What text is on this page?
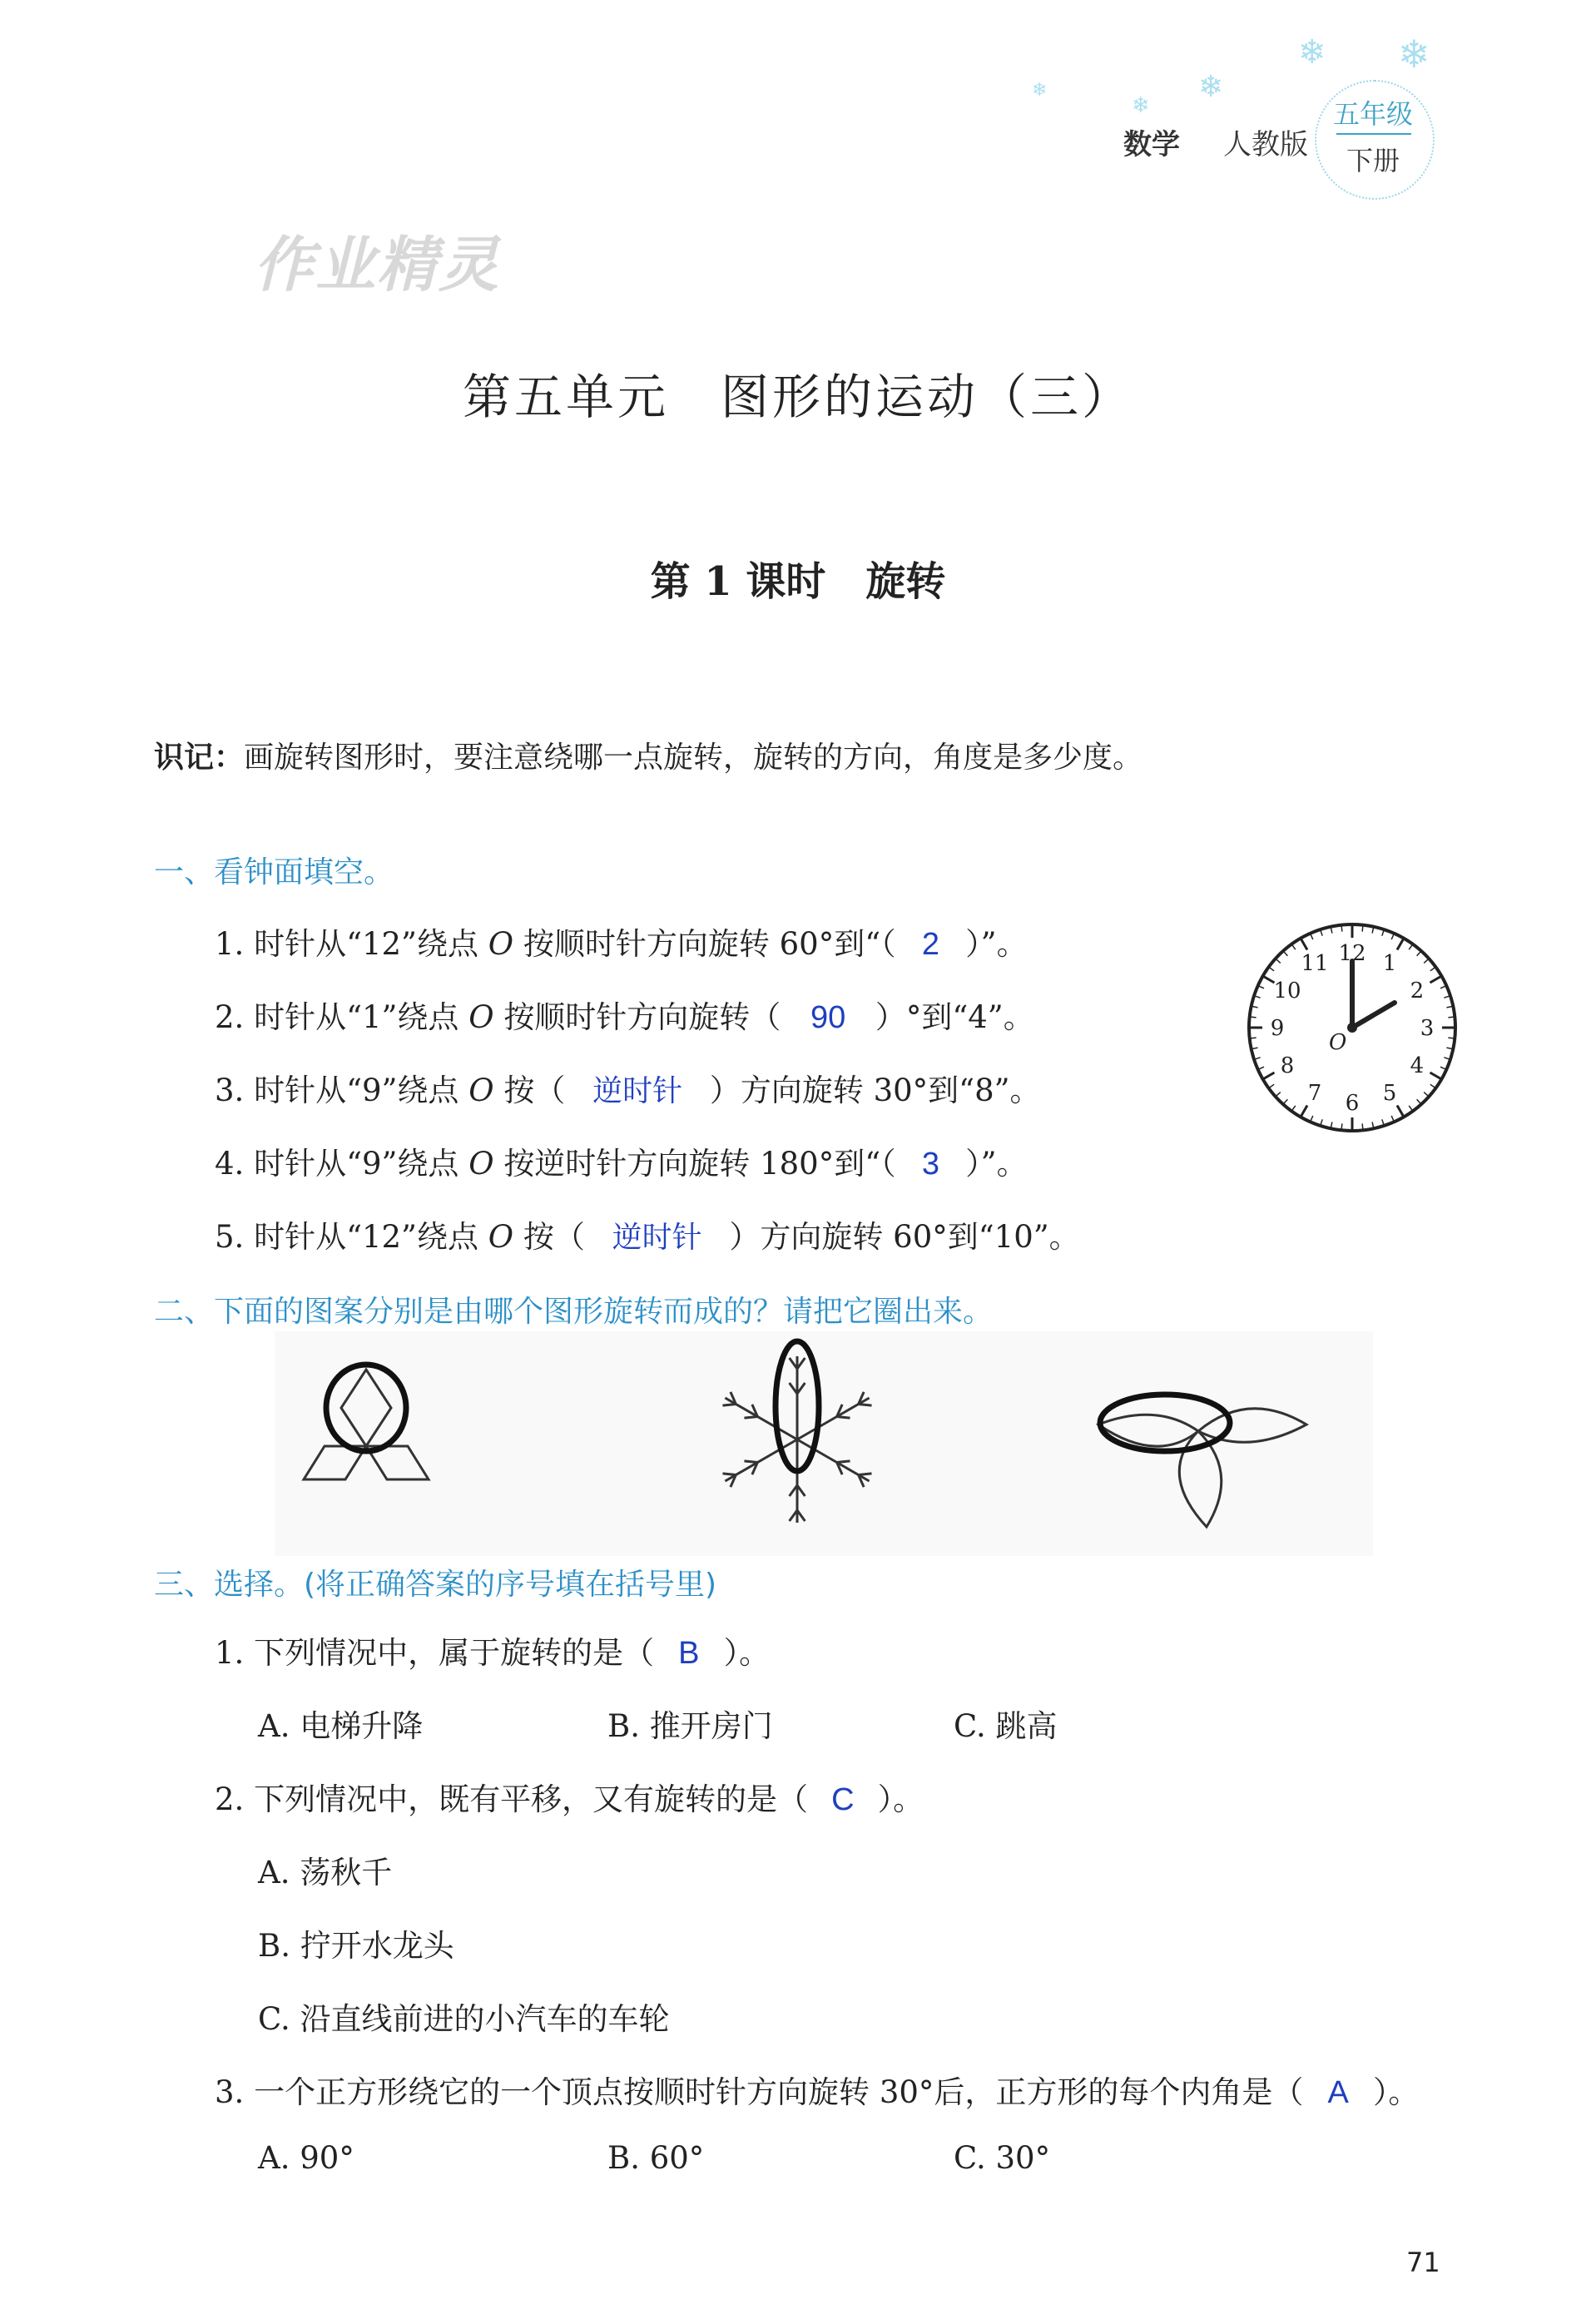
❄
❄
❄
❄ ❄
数学 人教版
五年级
下册
作业精灵
第五单元　图形的运动（三）
第 1 课时　旋转
识记：画旋转图形时，要注意绕哪一点旋转，旋转的方向，角度是多少度。
一、看钟面填空。
1. 时针从“12”绕点 O 按顺时针方向旋转 60°到“（ 2 ）”。
2. 时针从“1”绕点 O 按顺时针方向旋转（ 90 ）°到“4”。
3. 时针从“9”绕点 O 按（ 逆时针 ）方向旋转 30°到“8”。
4. 时针从“9”绕点 O 按逆时针方向旋转 180°到“（ 3 ）”。
5. 时针从“12”绕点 O 按（ 逆时针 ）方向旋转 60°到“10”。
12 1
2
3
4
5
6
7
8
9
10
11
O
二、下面的图案分别是由哪个图形旋转而成的？请把它圈出来。
三、选择。(将正确答案的序号填在括号里)
1. 下列情况中，属于旋转的是（ B ）。
A. 电梯升降	B. 推开房门	C. 跳高
2. 下列情况中，既有平移，又有旋转的是（ C ）。
A. 荡秋千
B. 拧开水龙头
C. 沿直线前进的小汽车的车轮
3. 一个正方形绕它的一个顶点按顺时针方向旋转 30°后，正方形的每个内角是（ A ）。
A. 90°	B. 60°	C. 30°
71
